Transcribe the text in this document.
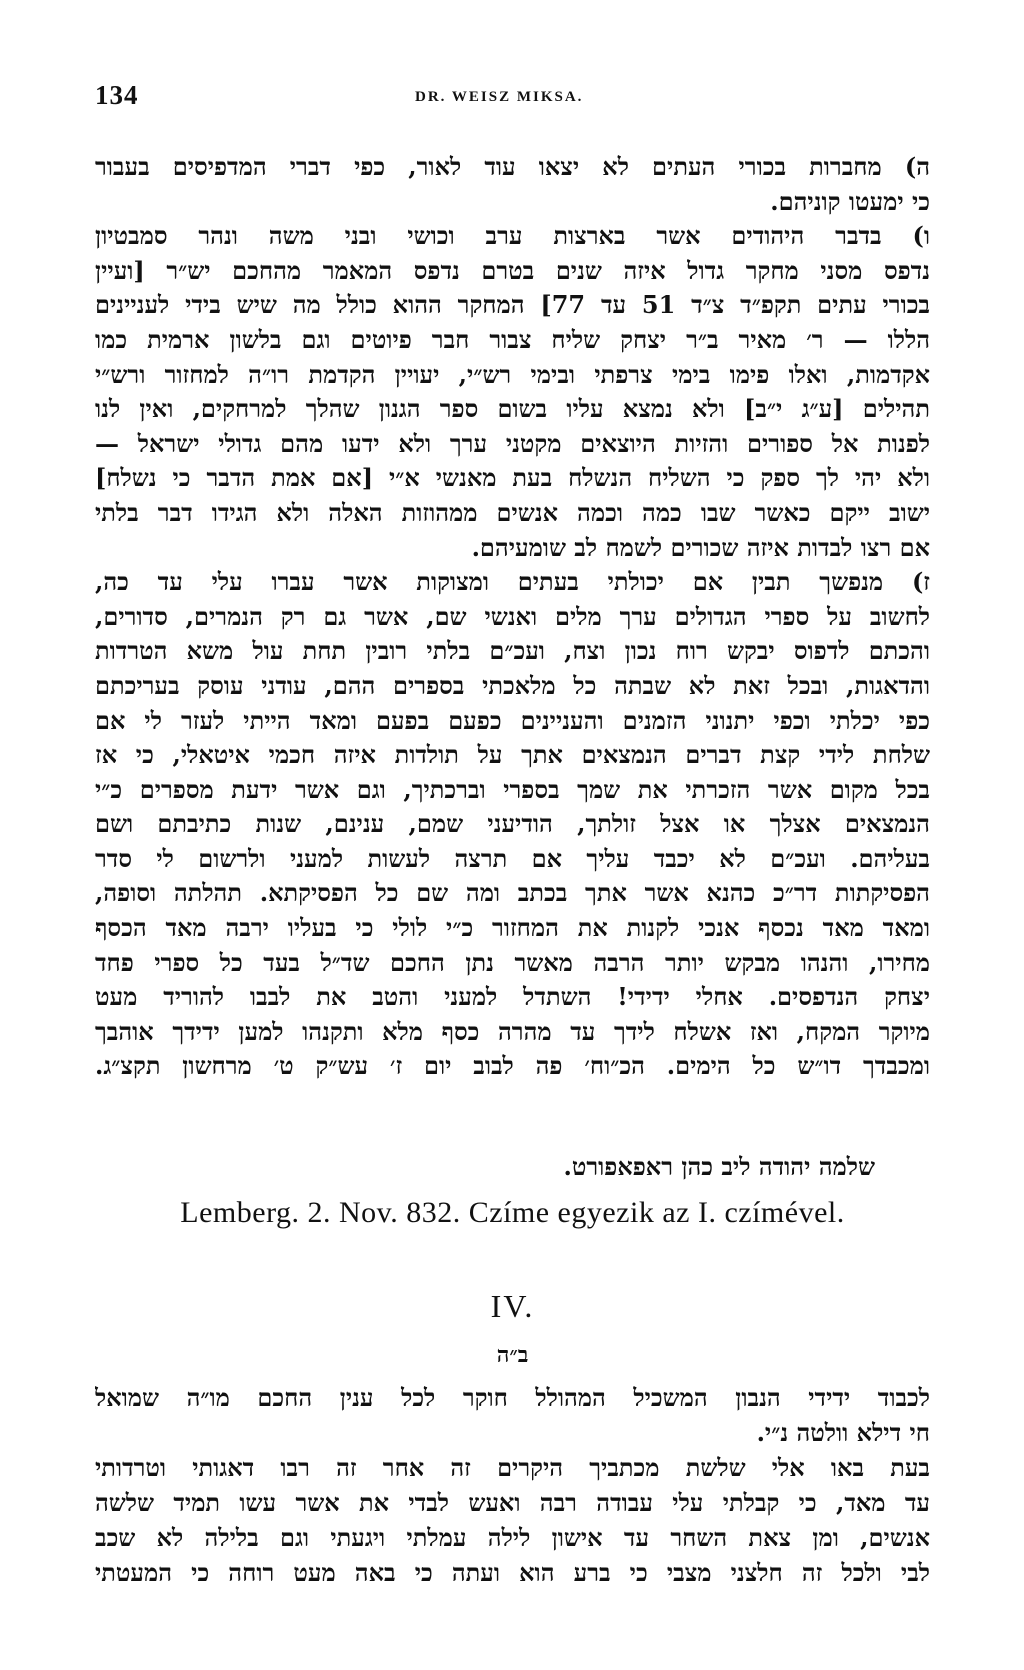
134	DR. WEISZ MIKSA.
ה) מחברות בכורי העתים לא יצאו עוד לאור, כפי דברי המדפיסים בעבור
כי ימעטו קוניהם.
ו) בדבר היהודים אשר בארצות ערב וכושי ובני משה ונהר סמבטיון
נדפס מסני מחקר גדול איזה שנים בטרם נדפס המאמר מהחכם יש״ר [ועיין
בכורי עתים תקפ״ד צ״ד 51 עד 77] המחקר ההוא כולל מה שיש בידי לעניינים
הללו — ר׳ מאיר ב״ר יצחק שליח צבור חבר פיוטים וגם בלשון ארמית כמו
אקדמות, ואלו פימו בימי צרפתי ובימי רש״י, יעויין הקדמת רו״ה למחזור ורש״י
תהילים [ע״ג י״ב] ולא נמצא עליו בשום ספר הגנון שהלך למרחקים, ואין לנו
לפנות אל ספורים והזיות היוצאים מקטני ערך ולא ידעו מהם גדולי ישראל —
ולא יהי לך ספק כי השליח הנשלח בעת מאנשי א״י [אם אמת הדבר כי נשלח]
ישוב ייקם כאשר שבו כמה וכמה אנשים ממהוזות האלה ולא הגידו דבר בלתי
אם רצו לבדות איזה שכורים לשמח לב שומעיהם.
ז) מנפשך תבין אם יכולתי בעתים ומצוקות אשר עברו עלי עד כה,
לחשוב על ספרי הגדולים ערך מלים ואנשי שם, אשר גם רק הנמרים, סדורים,
והכתם לדפוס יבקש רוח נכון וצח, ועכ״ם בלתי רובין תחת עול משא הטרדות
והדאגות, ובכל זאת לא שבתה כל מלאכתי בספרים ההם, עודני עוסק בעריכתם
כפי יכלתי וכפי יתנוני הזמנים והעניינים כפעם בפעם ומאד הייתי לעזר לי אם
שלחת לידי קצת דברים הנמצאים אתך על תולדות איזה חכמי איטאלי, כי אז
בכל מקום אשר הזכרתי את שמך בספרי וברכתיך, וגם אשר ידעת מספרים כ״י
הנמצאים אצלך או אצל זולתך, הודיעני שמם, ענינם, שנות כתיבתם ושם
בעליהם. ועכ״ם לא יכבד עליך אם תרצה לעשות למעני ולרשום לי סדר
הפסיקתות דר״כ כהנא אשר אתך בכתב ומה שם כל הפסיקתא. תהלתה וסופה,
ומאד מאד נכסף אנכי לקנות את המחזור כ״י לולי כי בעליו ירבה מאד הכסף
מחירו, והנהו מבקש יותר הרבה מאשר נתן החכם שד״ל בעד כל ספרי פחד
יצחק הנדפסים. אחלי ידידי! השתדל למעני והטב את לבבו להוריד מעט
מיוקר המקח, ואז אשלח לידך עד מהרה כסף מלא ותקנהו למען ידידך אוהבך
ומכבדך דו״ש כל הימים. הכ״וח׳ פה לבוב יום ז׳ עש״ק ט׳ מרחשון תקצ״ג.
שלמה יהודה ליב כהן ראפאפורט.
Lemberg. 2. Nov. 832. Czíme egyezik az I. czímével.
IV.
ב״ה
לכבוד ידידי הנבון המשכיל המהולל חוקר לכל ענין החכם מו״ה שמואל
חי דילא וולטה נ״י.
בעת באו אלי שלשת מכתביך היקרים זה אחר זה רבו דאגותי וטרדותי
עד מאד, כי קבלתי עלי עבודה רבה ואעש לבדי את אשר עשו תמיד שלשה
אנשים, ומן צאת השחר עד אישון לילה עמלתי ויגעתי וגם בלילה לא שכב
לבי ולכל זה חלצני מצבי כי ברע הוא ועתה כי באה מעט רוחה כי המעטתי
